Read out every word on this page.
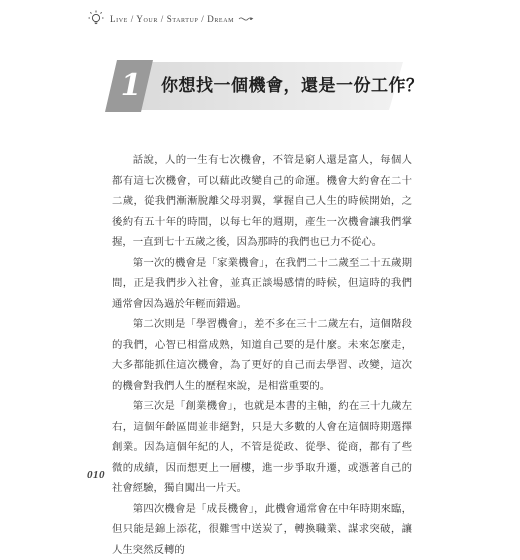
Live / Your / Startup / Dream
1	你想找一個機會，還是一份工作？

話說，人的一生有七次機會，不管是窮人還是富人，每個人都有這七次機會，可以藉此改變自己的命運。機會大約會在二十二歲，從我們漸漸脫離父母羽翼，掌握自己人生的時候開始，之後約有五十年的時間，以每七年的週期，產生一次機會讓我們掌握，一直到七十五歲之後，因為那時的我們也已力不從心。

第一次的機會是「家業機會」，在我們二十二歲至二十五歲期間，正是我們步入社會，並真正談場感情的時候，但這時的我們通常會因為過於年輕而錯過。

第二次則是「學習機會」，差不多在三十二歲左右，這個階段的我們，心智已相當成熟，知道自己要的是什麼。未來怎麼走，大多都能抓住這次機會，為了更好的自己而去學習、改變，這次的機會對我們人生的歷程來說，是相當重要的。

第三次是「創業機會」，也就是本書的主軸，約在三十九歲左右，這個年齡區間並非絕對，只是大多數的人會在這個時期選擇創業。因為這個年紀的人，不管是從政、從學、從商，都有了些微的成績，因而想更上一層樓，進一步爭取升遷，或憑著自己的社會經驗，獨自闖出一片天。

第四次機會是「成長機會」，此機會通常會在中年時期來臨，但只能是錦上添花，很難雪中送炭了，轉換職業、謀求突破，讓人生突然反轉的

010
